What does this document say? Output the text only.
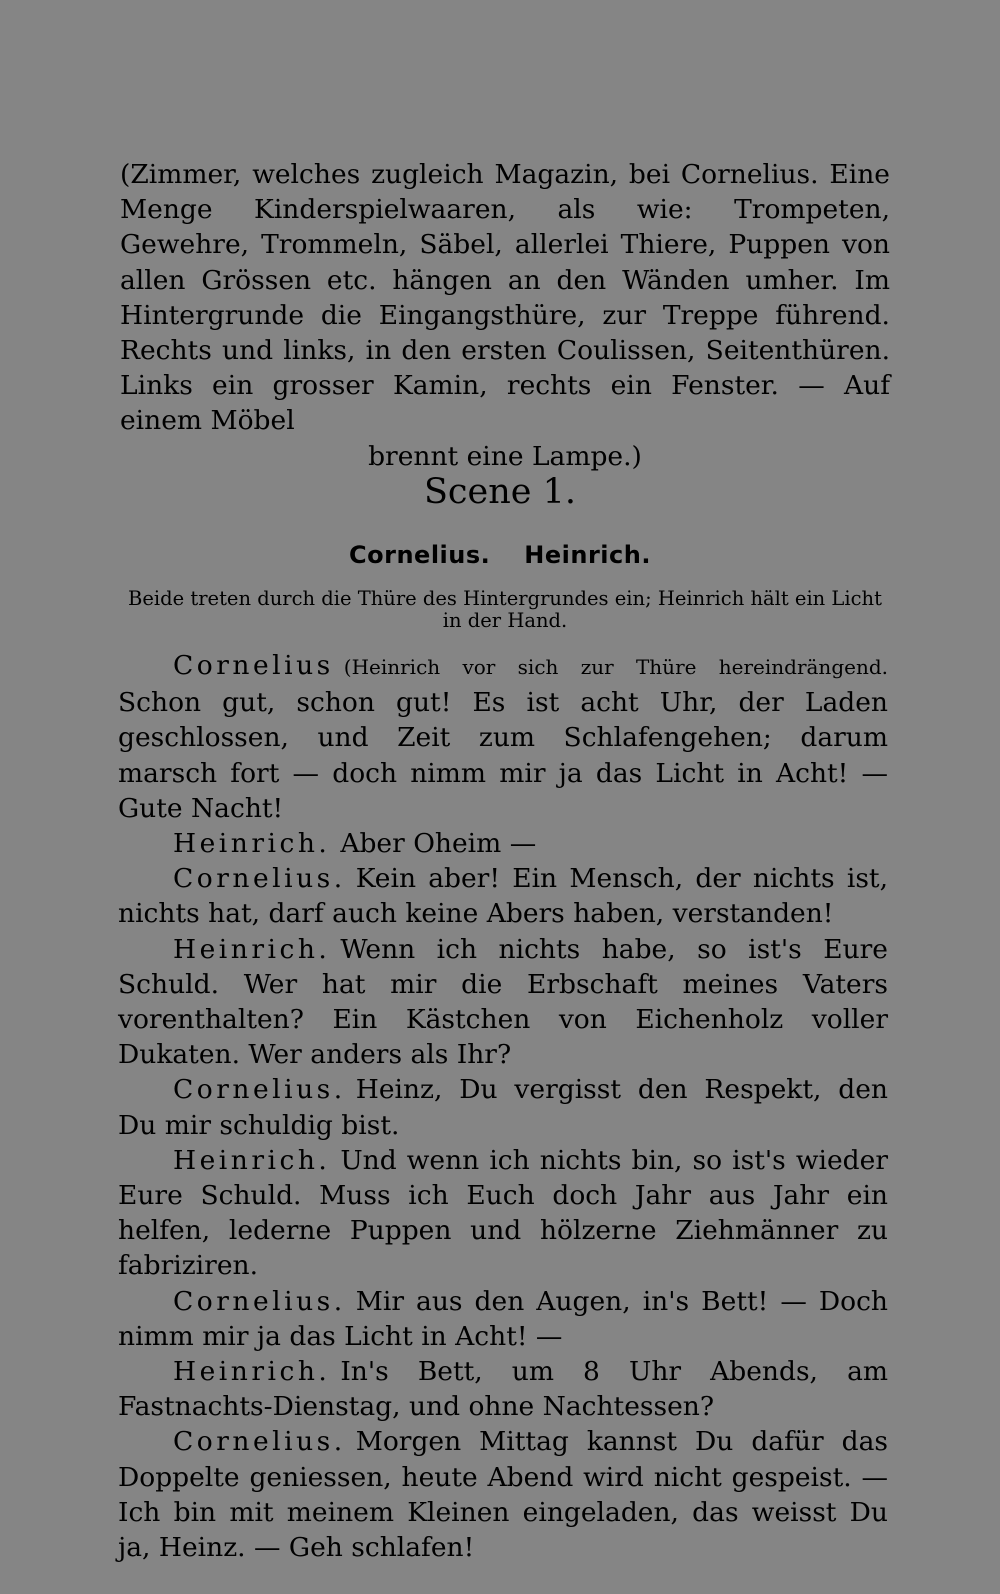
(Zimmer, welches zugleich Magazin, bei Cornelius. Eine Menge Kinderspielwaaren, als wie: Trompeten, Gewehre, Trommeln, Säbel, allerlei Thiere, Puppen von allen Grössen etc. hängen an den Wänden umher. Im Hintergrunde die Eingangsthüre, zur Treppe führend. Rechts und links, in den ersten Coulissen, Seitenthüren. Links ein grosser Kamin, rechts ein Fenster. — Auf einem Möbel
brennt eine Lampe.)
Scene 1.
Cornelius. Heinrich.
Beide treten durch die Thüre des Hintergrundes ein; Heinrich hält ein Licht in der Hand.

Cornelius (Heinrich vor sich zur Thüre hereindrängend. Schon gut, schon gut! Es ist acht Uhr, der Laden geschlossen, und Zeit zum Schlafengehen; darum marsch fort — doch nimm mir ja das Licht in Acht! — Gute Nacht!

Heinrich. Aber Oheim —

Cornelius. Kein aber! Ein Mensch, der nichts ist, nichts hat, darf auch keine Abers haben, verstanden!

Heinrich. Wenn ich nichts habe, so ist's Eure Schuld. Wer hat mir die Erbschaft meines Vaters vorenthalten? Ein Kästchen von Eichenholz voller Dukaten. Wer anders als Ihr?

Cornelius. Heinz, Du vergisst den Respekt, den Du mir schuldig bist.

Heinrich. Und wenn ich nichts bin, so ist's wieder Eure Schuld. Muss ich Euch doch Jahr aus Jahr ein helfen, lederne Puppen und hölzerne Ziehmänner zu fabriziren.

Cornelius. Mir aus den Augen, in's Bett! — Doch nimm mir ja das Licht in Acht! —

Heinrich. In's Bett, um 8 Uhr Abends, am Fastnachts-Dienstag, und ohne Nachtessen?

Cornelius. Morgen Mittag kannst Du dafür das Doppelte geniessen, heute Abend wird nicht gespeist. — Ich bin mit meinem Kleinen eingeladen, das weisst Du ja, Heinz. — Geh schlafen!
